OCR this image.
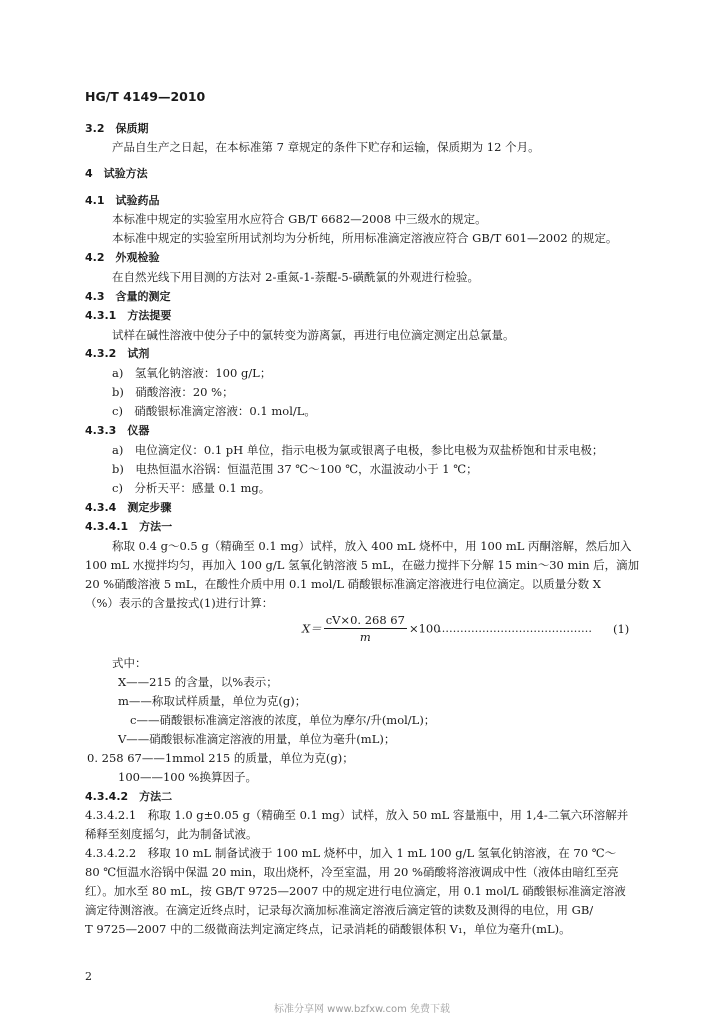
HG/T 4149—2010
3.2　保质期
产品自生产之日起，在本标准第 7 章规定的条件下贮存和运输，保质期为 12 个月。
4　试验方法
4.1　试验药品
本标准中规定的实验室用水应符合 GB/T 6682—2008 中三级水的规定。
本标准中规定的实验室所用试剂均为分析纯，所用标准滴定溶液应符合 GB/T 601—2002 的规定。
4.2　外观检验
在自然光线下用目测的方法对 2-重氮-1-萘醌-5-磺酰氯的外观进行检验。
4.3　含量的测定
4.3.1　方法提要
试样在碱性溶液中使分子中的氯转变为游离氯，再进行电位滴定测定出总氯量。
4.3.2　试剂
a)　氢氧化钠溶液：100 g/L；
b)　硝酸溶液：20 %；
c)　硝酸银标准滴定溶液：0.1 mol/L。
4.3.3　仪器
a)　电位滴定仪：0.1 pH 单位，指示电极为氯或银离子电极，参比电极为双盐桥饱和甘汞电极；
b)　电热恒温水浴锅：恒温范围 37 ℃～100 ℃，水温波动小于 1 ℃；
c)　分析天平：感量 0.1 mg。
4.3.4　测定步骤
4.3.4.1　方法一
称取 0.4 g～0.5 g（精确至 0.1 mg）试样，放入 400 mL 烧杯中，用 100 mL 丙酮溶解，然后加入
100 mL 水搅拌均匀，再加入 100 g/L 氢氧化钠溶液 5 mL，在磁力搅拌下分解 15 min～30 min 后，滴加
20 %硝酸溶液 5 mL，在酸性介质中用 0.1 mol/L 硝酸银标准滴定溶液进行电位滴定。以质量分数 X
（%）表示的含量按式(1)进行计算：
$X= \frac{cV\times 0. 268 67}{m} \times 100$
…………………………………… (1)
式中：
X——215 的含量，以%表示；
m——称取试样质量，单位为克(g)；
c——硝酸银标准滴定溶液的浓度，单位为摩尔/升(mol/L)；
V——硝酸银标准滴定溶液的用量，单位为毫升(mL)；
0. 258 67——1mmol 215 的质量，单位为克(g)；
100——100 %换算因子。
4.3.4.2　方法二
4.3.4.2.1　称取 1.0 g±0.05 g（精确至 0.1 mg）试样，放入 50 mL 容量瓶中，用 1,4-二氧六环溶解并
稀释至刻度摇匀，此为制备试液。
4.3.4.2.2　移取 10 mL 制备试液于 100 mL 烧杯中，加入 1 mL 100 g/L 氢氧化钠溶液，在 70 ℃～
80 ℃恒温水浴锅中保温 20 min，取出烧杯，冷至室温，用 20 %硝酸将溶液调成中性（液体由暗红至亮
红）。加水至 80 mL，按 GB/T 9725—2007 中的规定进行电位滴定，用 0.1 mol/L 硝酸银标准滴定溶液
滴定待测溶液。在滴定近终点时，记录每次滴加标准滴定溶液后滴定管的读数及测得的电位，用 GB/
T 9725—2007 中的二级微商法判定滴定终点，记录消耗的硝酸银体积 V₁，单位为毫升(mL)。
2
标准分享网 www.bzfxw.com 免费下载
